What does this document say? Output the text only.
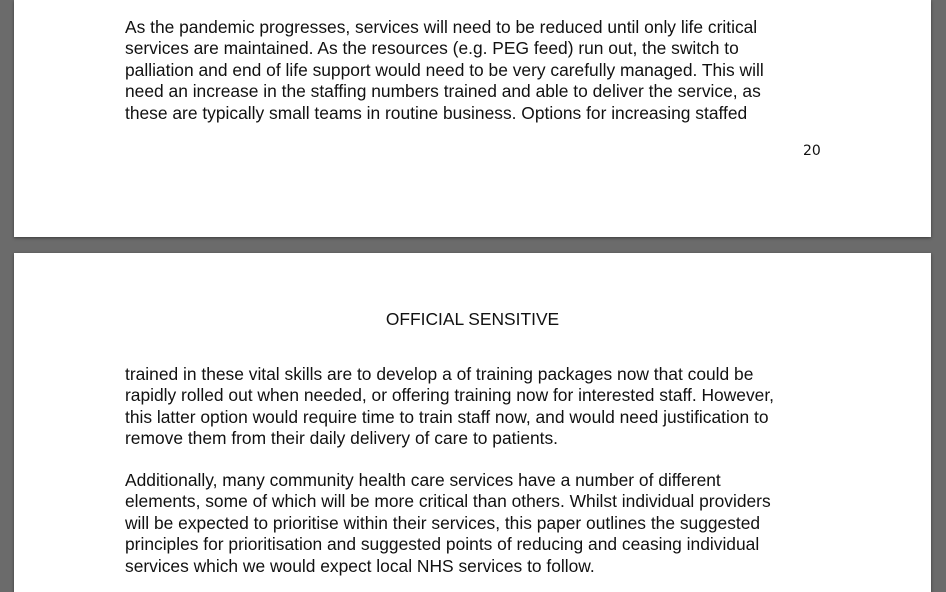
As the pandemic progresses, services will need to be reduced until only life critical
services are maintained. As the resources (e.g. PEG feed) run out, the switch to
palliation and end of life support would need to be very carefully managed. This will
need an increase in the staffing numbers trained and able to deliver the service, as
these are typically small teams in routine business. Options for increasing staffed

20
OFFICIAL SENSITIVE

trained in these vital skills are to develop a of training packages now that could be
rapidly rolled out when needed, or offering training now for interested staff. However,
this latter option would require time to train staff now, and would need justification to
remove them from their daily delivery of care to patients.

Additionally, many community health care services have a number of different
elements, some of which will be more critical than others. Whilst individual providers
will be expected to prioritise within their services, this paper outlines the suggested
principles for prioritisation and suggested points of reducing and ceasing individual
services which we would expect local NHS services to follow.
